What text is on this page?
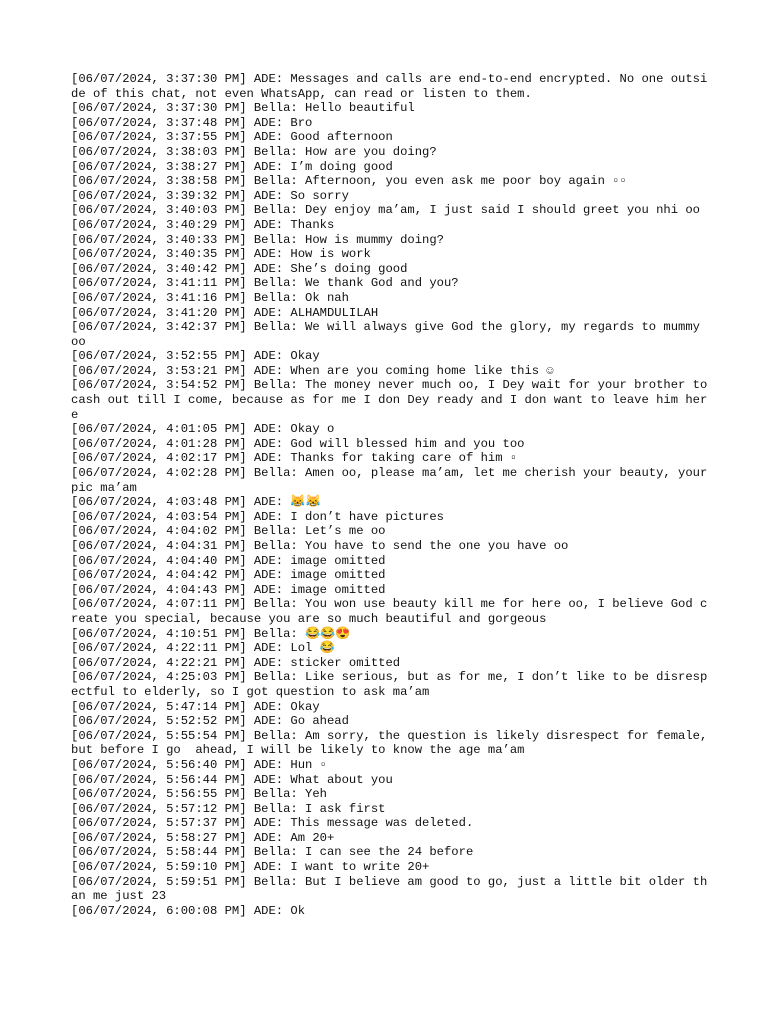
[06/07/2024, 3:37:30 PM] ADE: Messages and calls are end-to-end encrypted. No one outside of this chat, not even WhatsApp, can read or listen to them.

[06/07/2024, 3:37:30 PM] Bella: Hello beautiful

[06/07/2024, 3:37:48 PM] ADE: Bro

[06/07/2024, 3:37:55 PM] ADE: Good afternoon

[06/07/2024, 3:38:03 PM] Bella: How are you doing?

[06/07/2024, 3:38:27 PM] ADE: I’m doing good

[06/07/2024, 3:38:58 PM] Bella: Afternoon, you even ask me poor boy again ▫▫

[06/07/2024, 3:39:32 PM] ADE: So sorry

[06/07/2024, 3:40:03 PM] Bella: Dey enjoy ma’am, I just said I should greet you nhi oo

[06/07/2024, 3:40:29 PM] ADE: Thanks

[06/07/2024, 3:40:33 PM] Bella: How is mummy doing?

[06/07/2024, 3:40:35 PM] ADE: How is work

[06/07/2024, 3:40:42 PM] ADE: She’s doing good

[06/07/2024, 3:41:11 PM] Bella: We thank God and you?

[06/07/2024, 3:41:16 PM] Bella: Ok nah

[06/07/2024, 3:41:20 PM] ADE: ALHAMDULILAH

[06/07/2024, 3:42:37 PM] Bella: We will always give God the glory, my regards to mummy oo

[06/07/2024, 3:52:55 PM] ADE: Okay

[06/07/2024, 3:53:21 PM] ADE: When are you coming home like this ☺

[06/07/2024, 3:54:52 PM] Bella: The money never much oo, I Dey wait for your brother to cash out till I come, because as for me I don Dey ready and I don want to leave him here

[06/07/2024, 4:01:05 PM] ADE: Okay o

[06/07/2024, 4:01:28 PM] ADE: God will blessed him and you too

[06/07/2024, 4:02:17 PM] ADE: Thanks for taking care of him ▫

[06/07/2024, 4:02:28 PM] Bella: Amen oo, please ma’am, let me cherish your beauty, your pic ma’am

[06/07/2024, 4:03:48 PM] ADE: 😹😹

[06/07/2024, 4:03:54 PM] ADE: I don’t have pictures

[06/07/2024, 4:04:02 PM] Bella: Let’s me oo

[06/07/2024, 4:04:31 PM] Bella: You have to send the one you have oo

[06/07/2024, 4:04:40 PM] ADE: image omitted

[06/07/2024, 4:04:42 PM] ADE: image omitted

[06/07/2024, 4:04:43 PM] ADE: image omitted

[06/07/2024, 4:07:11 PM] Bella: You won use beauty kill me for here oo, I believe God create you special, because you are so much beautiful and gorgeous

[06/07/2024, 4:10:51 PM] Bella: 😂😂😍

[06/07/2024, 4:22:11 PM] ADE: Lol 😂

[06/07/2024, 4:22:21 PM] ADE: sticker omitted

[06/07/2024, 4:25:03 PM] Bella: Like serious, but as for me, I don’t like to be disrespectful to elderly, so I got question to ask ma’am

[06/07/2024, 5:47:14 PM] ADE: Okay

[06/07/2024, 5:52:52 PM] ADE: Go ahead

[06/07/2024, 5:55:54 PM] Bella: Am sorry, the question is likely disrespect for female, but before I go  ahead, I will be likely to know the age ma’am

[06/07/2024, 5:56:40 PM] ADE: Hun ▫

[06/07/2024, 5:56:44 PM] ADE: What about you

[06/07/2024, 5:56:55 PM] Bella: Yeh

[06/07/2024, 5:57:12 PM] Bella: I ask first

[06/07/2024, 5:57:37 PM] ADE: This message was deleted.

[06/07/2024, 5:58:27 PM] ADE: Am 20+

[06/07/2024, 5:58:44 PM] Bella: I can see the 24 before

[06/07/2024, 5:59:10 PM] ADE: I want to write 20+

[06/07/2024, 5:59:51 PM] Bella: But I believe am good to go, just a little bit older than me just 23

[06/07/2024, 6:00:08 PM] ADE: Ok
